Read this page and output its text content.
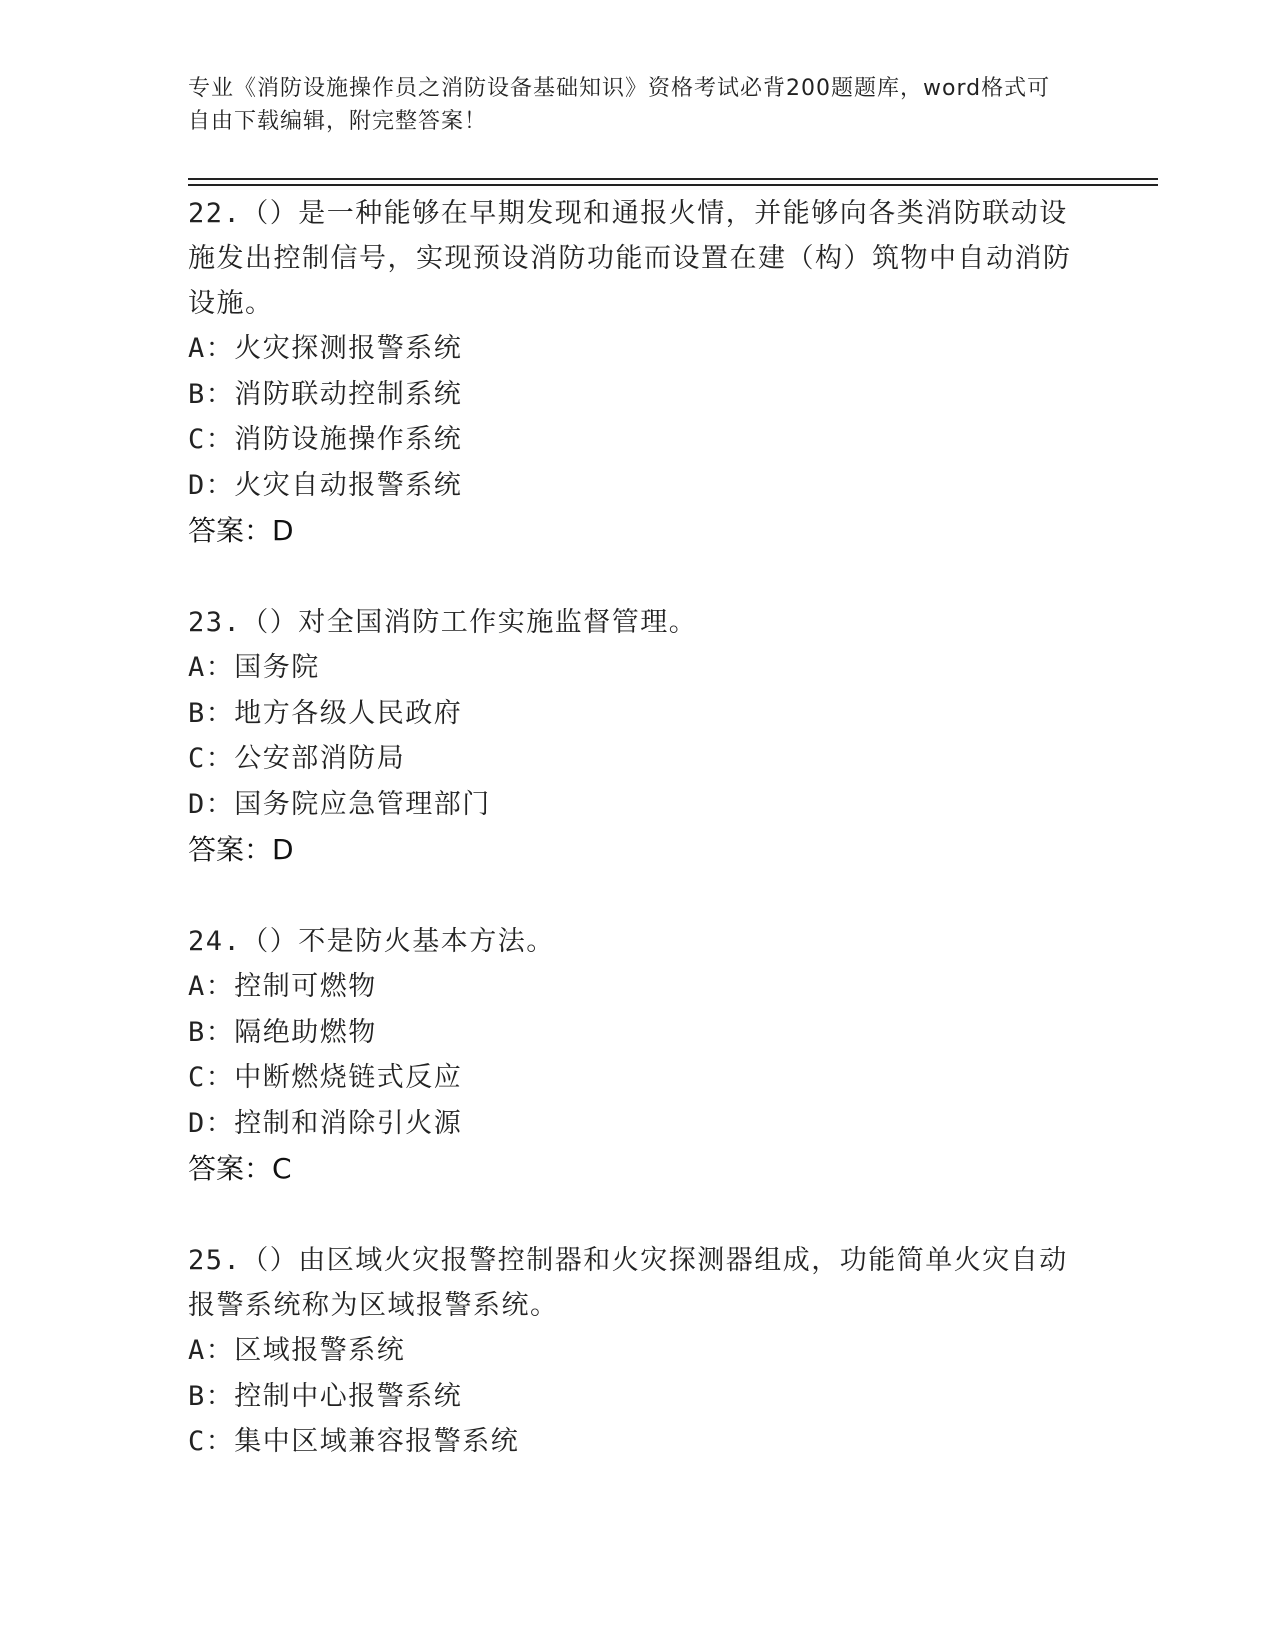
专业《消防设施操作员之消防设备基础知识》资格考试必背200题题库，word格式可自由下载编辑，附完整答案！

22.（）是一种能够在早期发现和通报火情，并能够向各类消防联动设施发出控制信号，实现预设消防功能而设置在建（构）筑物中自动消防设施。

A：火灾探测报警系统

B：消防联动控制系统

C：消防设施操作系统

D：火灾自动报警系统

答案：D

23.（）对全国消防工作实施监督管理。

A：国务院

B：地方各级人民政府

C：公安部消防局

D：国务院应急管理部门

答案：D

24.（）不是防火基本方法。

A：控制可燃物

B：隔绝助燃物

C：中断燃烧链式反应

D：控制和消除引火源

答案：C

25.（）由区域火灾报警控制器和火灾探测器组成，功能简单火灾自动报警系统称为区域报警系统。

A：区域报警系统

B：控制中心报警系统

C：集中区域兼容报警系统
